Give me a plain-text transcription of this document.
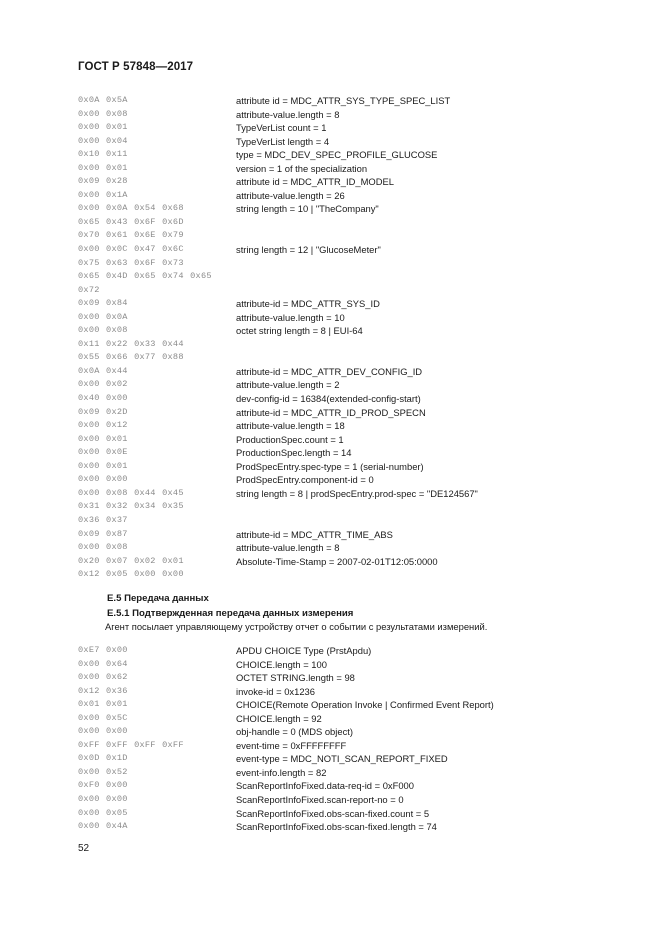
ГОСТ Р 57848—2017
0x0A 0x5A	attribute id = MDC_ATTR_SYS_TYPE_SPEC_LIST
0x00 0x08	attribute-value.length = 8
0x00 0x01	TypeVerList count = 1
0x00 0x04	TypeVerList length = 4
0x10 0x11	type = MDC_DEV_SPEC_PROFILE_GLUCOSE
0x00 0x01	version = 1 of the specialization
0x09 0x28	attribute id = MDC_ATTR_ID_MODEL
0x00 0x1A	attribute-value.length = 26
0x00 0x0A 0x54 0x68	string length = 10 | "TheCompany"
0x65 0x43 0x6F 0x6D
0x70 0x61 0x6E 0x79
0x00 0x0C 0x47 0x6C	string length = 12 | "GlucoseMeter"
0x75 0x63 0x6F 0x73
0x65 0x4D 0x65 0x74 0x65
0x72
0x09 0x84	attribute-id = MDC_ATTR_SYS_ID
0x00 0x0A	attribute-value.length = 10
0x00 0x08	octet string length = 8 | EUI-64
0x11 0x22 0x33 0x44
0x55 0x66 0x77 0x88
0x0A 0x44	attribute-id = MDC_ATTR_DEV_CONFIG_ID
0x00 0x02	attribute-value.length = 2
0x40 0x00	dev-config-id = 16384(extended-config-start)
0x09 0x2D	attribute-id = MDC_ATTR_ID_PROD_SPECN
0x00 0x12	attribute-value.length = 18
0x00 0x01	ProductionSpec.count = 1
0x00 0x0E	ProductionSpec.length = 14
0x00 0x01	ProdSpecEntry.spec-type = 1 (serial-number)
0x00 0x00	ProdSpecEntry.component-id = 0
0x00 0x08 0x44 0x45	string length = 8 | prodSpecEntry.prod-spec = "DE124567"
0x31 0x32 0x34 0x35
0x36 0x37
0x09 0x87	attribute-id = MDC_ATTR_TIME_ABS
0x00 0x08	attribute-value.length = 8
0x20 0x07 0x02 0x01	Absolute-Time-Stamp = 2007-02-01T12:05:0000
0x12 0x05 0x00 0x00
Е.5 Передача данных
Е.5.1 Подтвержденная передача данных измерения
Агент посылает управляющему устройству отчет о событии с результатами измерений.
0xE7 0x00	APDU CHOICE Type (PrstApdu)
0x00 0x64	CHOICE.length = 100
0x00 0x62	OCTET STRING.length = 98
0x12 0x36	invoke-id = 0x1236
0x01 0x01	CHOICE(Remote Operation Invoke | Confirmed Event Report)
0x00 0x5C	CHOICE.length = 92
0x00 0x00	obj-handle = 0 (MDS object)
0xFF 0xFF 0xFF 0xFF	event-time = 0xFFFFFFFF
0x0D 0x1D	event-type = MDC_NOTI_SCAN_REPORT_FIXED
0x00 0x52	event-info.length = 82
0xF0 0x00	ScanReportInfoFixed.data-req-id = 0xF000
0x00 0x00	ScanReportInfoFixed.scan-report-no = 0
0x00 0x05	ScanReportInfoFixed.obs-scan-fixed.count = 5
0x00 0x4A	ScanReportInfoFixed.obs-scan-fixed.length = 74
52
